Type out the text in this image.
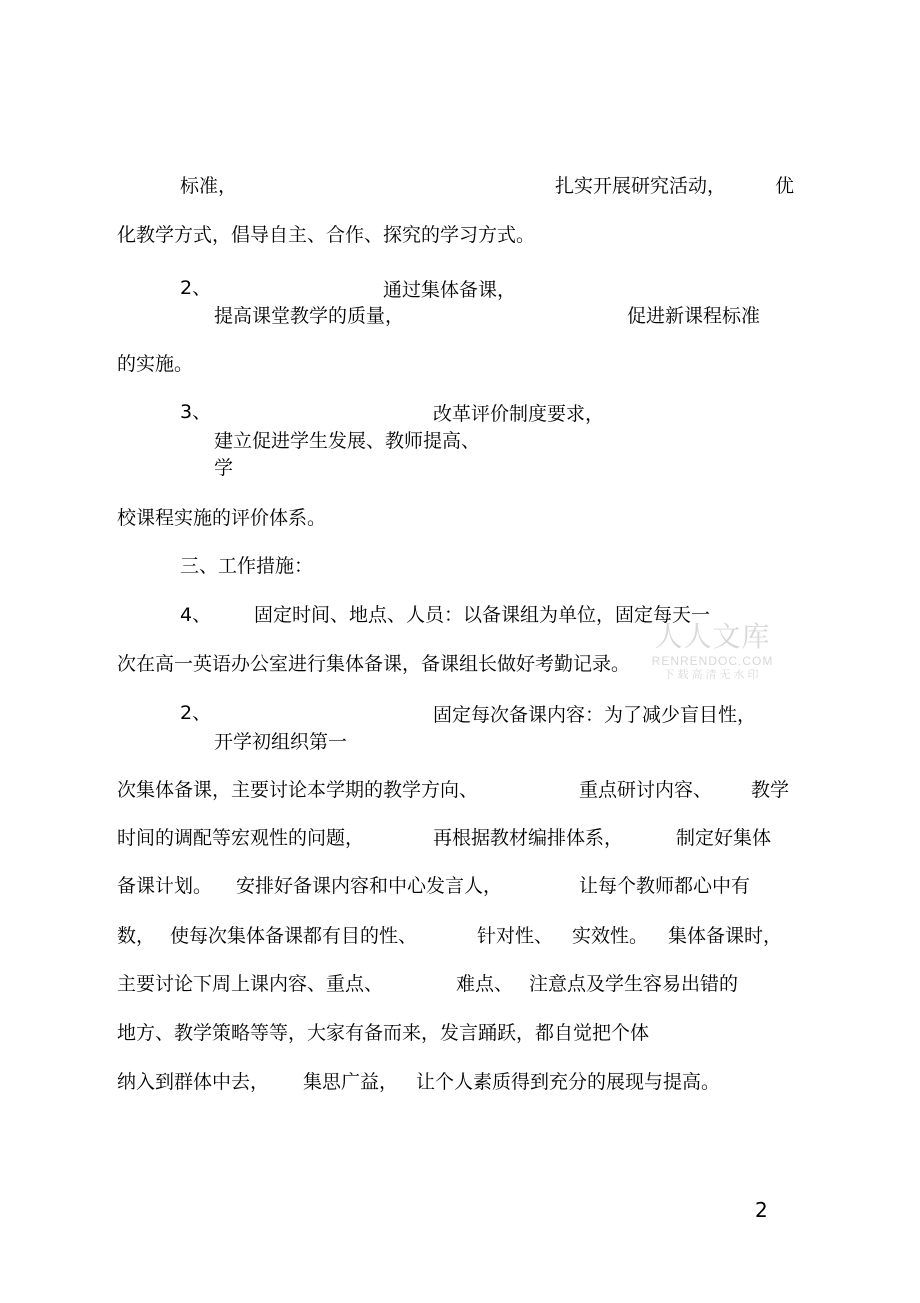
标准，	扎实开展研究活动，	优
化教学方式，倡导自主、合作、探究的学习方式。
2、	通过集体备课，
提高课堂教学的质量，	促进新课程标准
的实施。
3、	改革评价制度要求，
建立促进学生发展、教师提高、
学
校课程实施的评价体系。
三、工作措施：
4、 固定时间、地点、人员：以备课组为单位，固定每天一
次在高一英语办公室进行集体备课，备课组长做好考勤记录。
2、	固定每次备课内容：为了减少盲目性，
开学初组织第一
次集体备课，主要讨论本学期的教学方向、	重点研讨内容、 教学
时间的调配等宏观性的问题，	再根据教材编排体系，	制定好集体
备课计划。 安排好备课内容和中心发言人，	让每个教师都心中有
数， 使每次集体备课都有目的性、	针对性、 实效性。 集体备课时，
主要讨论下周上课内容、重点、	难点、 注意点及学生容易出错的
地方、教学策略等等，大家有备而来，发言踊跃，都自觉把个体
纳入到群体中去， 集思广益， 让个人素质得到充分的展现与提高。
2
人人文库
RENRENDOC.COM
下载高清无水印
